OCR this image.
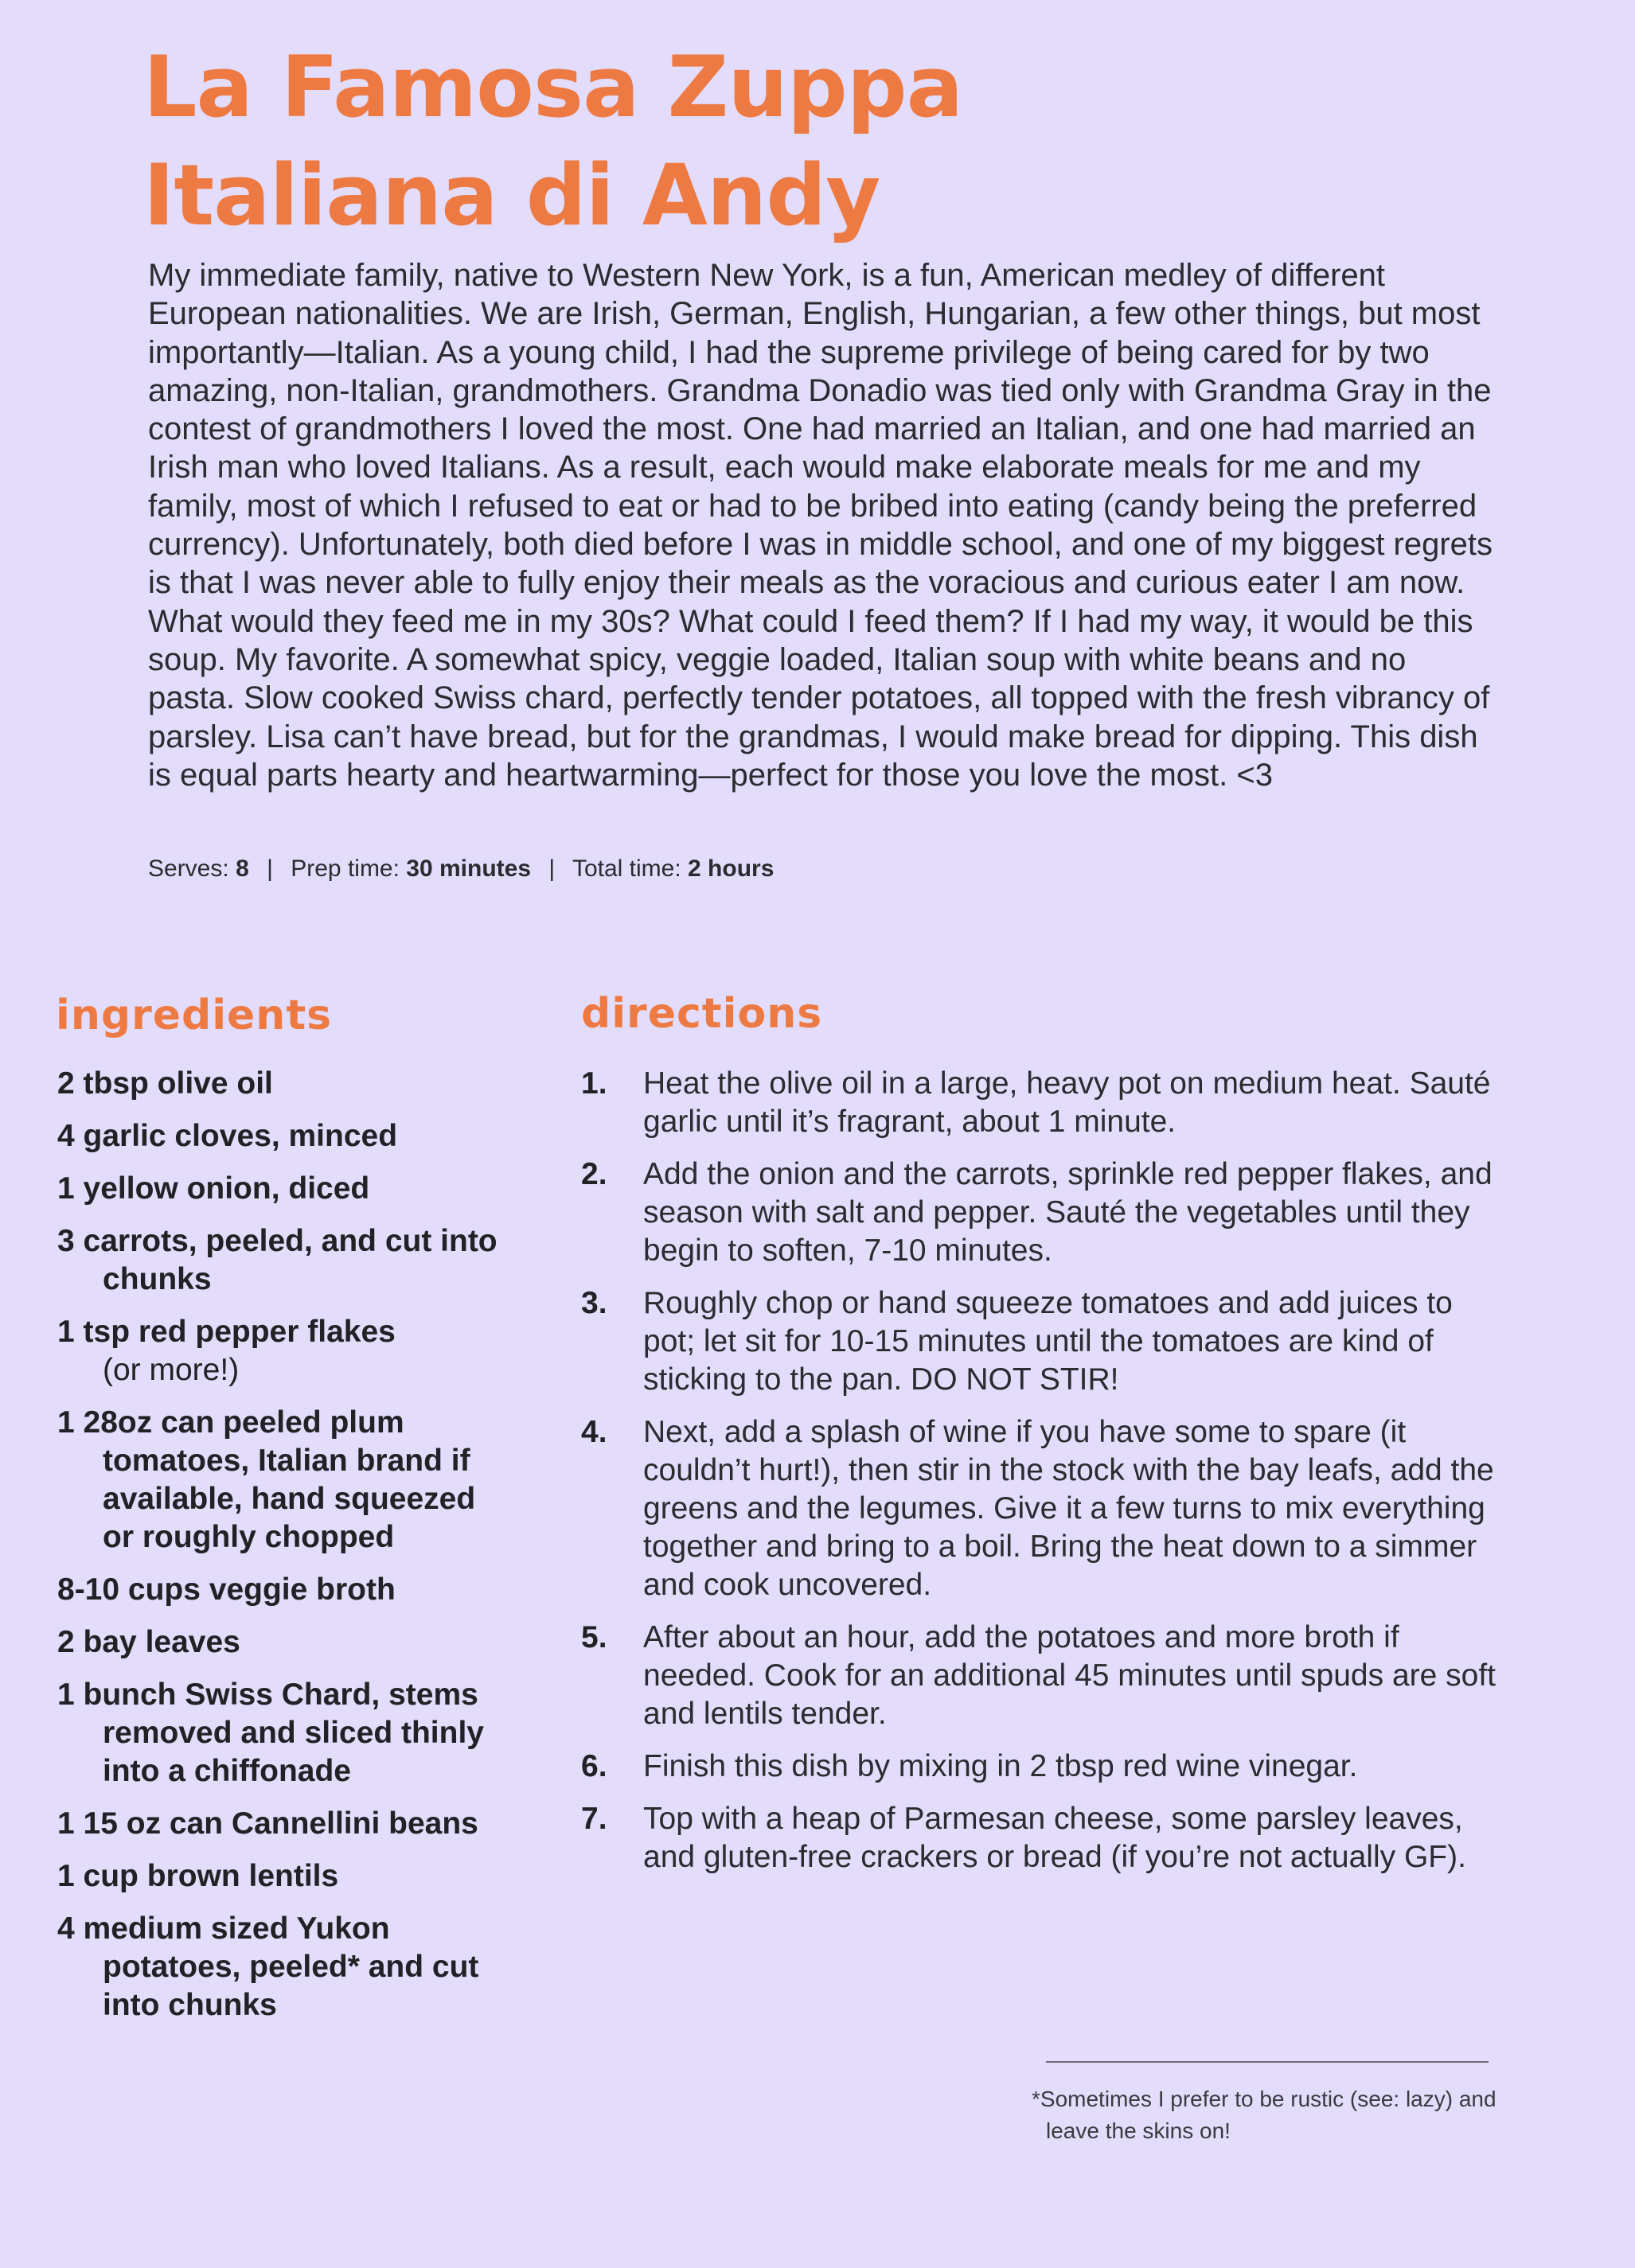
La Famosa Zuppa
Italiana di Andy

My immediate family, native to Western New York, is a fun, American medley of different European nationalities. We are Irish, German, English, Hungarian, a few other things, but most importantly—Italian. As a young child, I had the supreme privilege of being cared for by two amazing, non-Italian, grandmothers. Grandma Donadio was tied only with Grandma Gray in the contest of grandmothers I loved the most. One had married an Italian, and one had married an Irish man who loved Italians. As a result, each would make elaborate meals for me and my family, most of which I refused to eat or had to be bribed into eating (candy being the preferred currency). Unfortunately, both died before I was in middle school, and one of my biggest regrets is that I was never able to fully enjoy their meals as the voracious and curious eater I am now. What would they feed me in my 30s? What could I feed them? If I had my way, it would be this soup. My favorite. A somewhat spicy, veggie loaded, Italian soup with white beans and no pasta. Slow cooked Swiss chard, perfectly tender potatoes, all topped with the fresh vibrancy of parsley. Lisa can’t have bread, but for the grandmas, I would make bread for dipping. This dish is equal parts hearty and heartwarming—perfect for those you love the most. <3

Serves: 8 | Prep time: 30 minutes | Total time: 2 hours
ingredients	directions
2 tbsp olive oil
4 garlic cloves, minced
1 yellow onion, diced
3 carrots, peeled, and cut into chunks
1 tsp red pepper flakes
(or more!)
1 28oz can peeled plum tomatoes, Italian brand if available, hand squeezed or roughly chopped
8-10 cups veggie broth
2 bay leaves
1 bunch Swiss Chard, stems removed and sliced thinly into a chiffonade
1 15 oz can Cannellini beans
1 cup brown lentils
4 medium sized Yukon potatoes, peeled* and cut into chunks
1. Heat the olive oil in a large, heavy pot on medium heat. Sauté garlic until it’s fragrant, about 1 minute.
2. Add the onion and the carrots, sprinkle red pepper flakes, and season with salt and pepper. Sauté the vegetables until they begin to soften, 7-10 minutes.
3. Roughly chop or hand squeeze tomatoes and add juices to pot; let sit for 10-15 minutes until the tomatoes are kind of sticking to the pan. DO NOT STIR!
4. Next, add a splash of wine if you have some to spare (it couldn’t hurt!), then stir in the stock with the bay leafs, add the greens and the legumes. Give it a few turns to mix everything together and bring to a boil. Bring the heat down to a simmer and cook uncovered.
5. After about an hour, add the potatoes and more broth if needed. Cook for an additional 45 minutes until spuds are soft and lentils tender.
6. Finish this dish by mixing in 2 tbsp red wine vinegar.
7. Top with a heap of Parmesan cheese, some parsley leaves, and gluten-free crackers or bread (if you’re not actually GF).

*Sometimes I prefer to be rustic (see: lazy) and leave the skins on!
